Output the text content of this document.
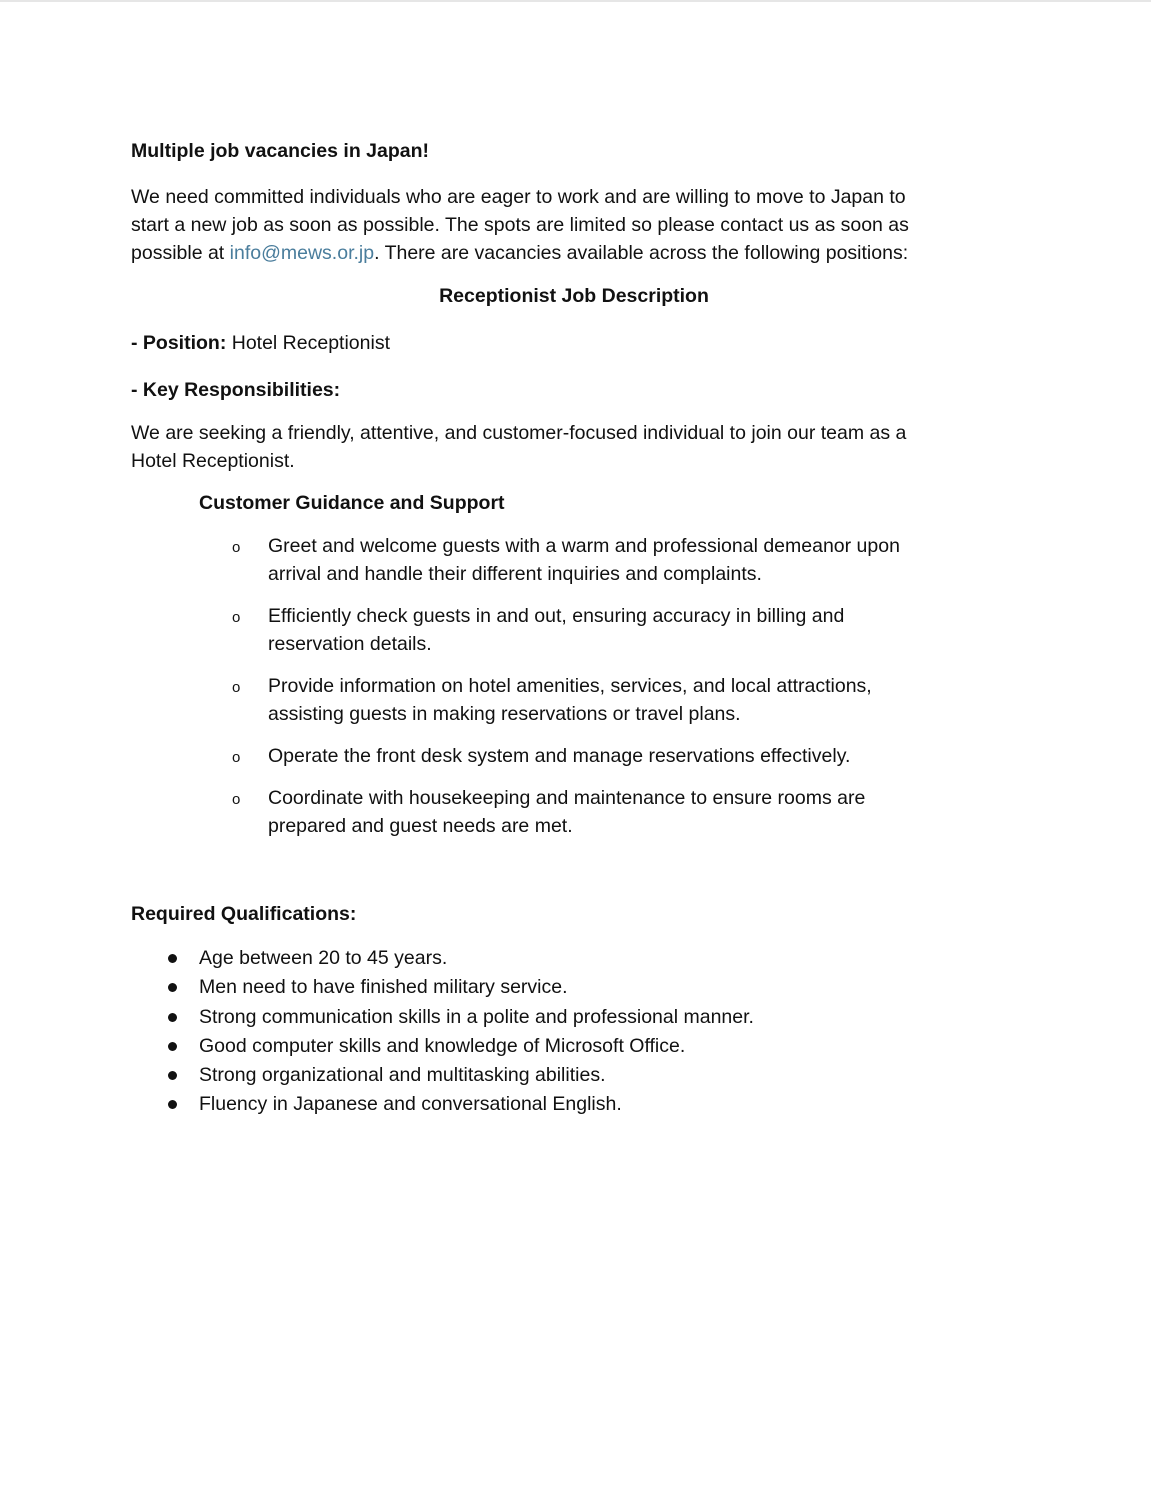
Multiple job vacancies in Japan!
We need committed individuals who are eager to work and are willing to move to Japan to
start a new job as soon as possible. The spots are limited so please contact us as soon as
possible at info@mews.or.jp. There are vacancies available across the following positions:
Receptionist Job Description
- Position: Hotel Receptionist
- Key Responsibilities:
We are seeking a friendly, attentive, and customer-focused individual to join our team as a
Hotel Receptionist.
Customer Guidance and Support
o Greet and welcome guests with a warm and professional demeanor upon
arrival and handle their different inquiries and complaints.
o Efficiently check guests in and out, ensuring accuracy in billing and
reservation details.
o Provide information on hotel amenities, services, and local attractions,
assisting guests in making reservations or travel plans.
o Operate the front desk system and manage reservations effectively.
o Coordinate with housekeeping and maintenance to ensure rooms are
prepared and guest needs are met.
Required Qualifications:
Age between 20 to 45 years.
Men need to have finished military service.
Strong communication skills in a polite and professional manner.
Good computer skills and knowledge of Microsoft Office.
Strong organizational and multitasking abilities.
Fluency in Japanese and conversational English.
